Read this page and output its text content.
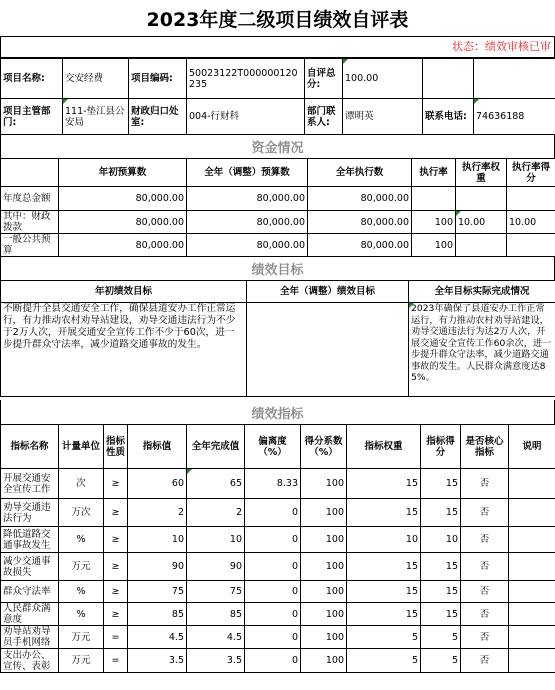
2023年度二级项目绩效自评表
状态：绩效审核已审
项目名称:	交安经费	项目编码:	50023122T000000120235	自评总分:	100.00		
项目主管部门:	111-垫江县公安局	财政归口处室:	004-行财科	部门联系人:	谭明英	联系电话:	74636188
资金情况
	年初预算数	全年（调整）预算数	全年执行数	执行率	执行率权重	执行率得分
年度总金额	80,000.00	80,000.00	80,000.00			
其中：财政拨款	80,000.00	80,000.00	80,000.00	100	10.00	10.00
一般公共预算	80,000.00	80,000.00	80,000.00	100		
绩效目标
年初绩效目标	全年（调整）绩效目标	全年目标实际完成情况
不断提升全县交通安全工作，确保县道安办工作正常运行，有力推动农村劝导站建设，劝导交通违法行为不少于2万人次，开展交通安全宣传工作不少于60次，进一步提升群众守法率，减少道路交通事故的发生。		2023年确保了县道安办工作正常运行，有力推动农村劝导站建设，劝导交通违法行为达2万人次，开展交通安全宣传工作60余次，进一步提升群众守法率，减少道路交通事故的发生。人民群众满意度达85%。
绩效指标
指标名称	计量单位	指标性质	指标值	全年完成值	偏离度（%）	得分系数（%）	指标权重	指标得分	是否核心指标	说明
开展交通安全宣传工作	次	≥	60	65	8.33	100	15	15	否	
劝导交通违法行为	万次	≥	2	2	0	100	15	15	否	
降低道路交通事故发生	%	≥	10	10	0	100	10	10	否	
减少交通事故损失	万元	≥	90	90	0	100	15	15	否	
群众守法率	%	≥	75	75	0	100	15	15	否	
人民群众满意度	%	≥	85	85	0	100	15	15	否	
劝导站劝导员手机网络	万元	=	4.5	4.5	0	100	5	5	否	
支出办公、宣传、表彰	万元	=	3.5	3.5	0	100	5	5	否	
